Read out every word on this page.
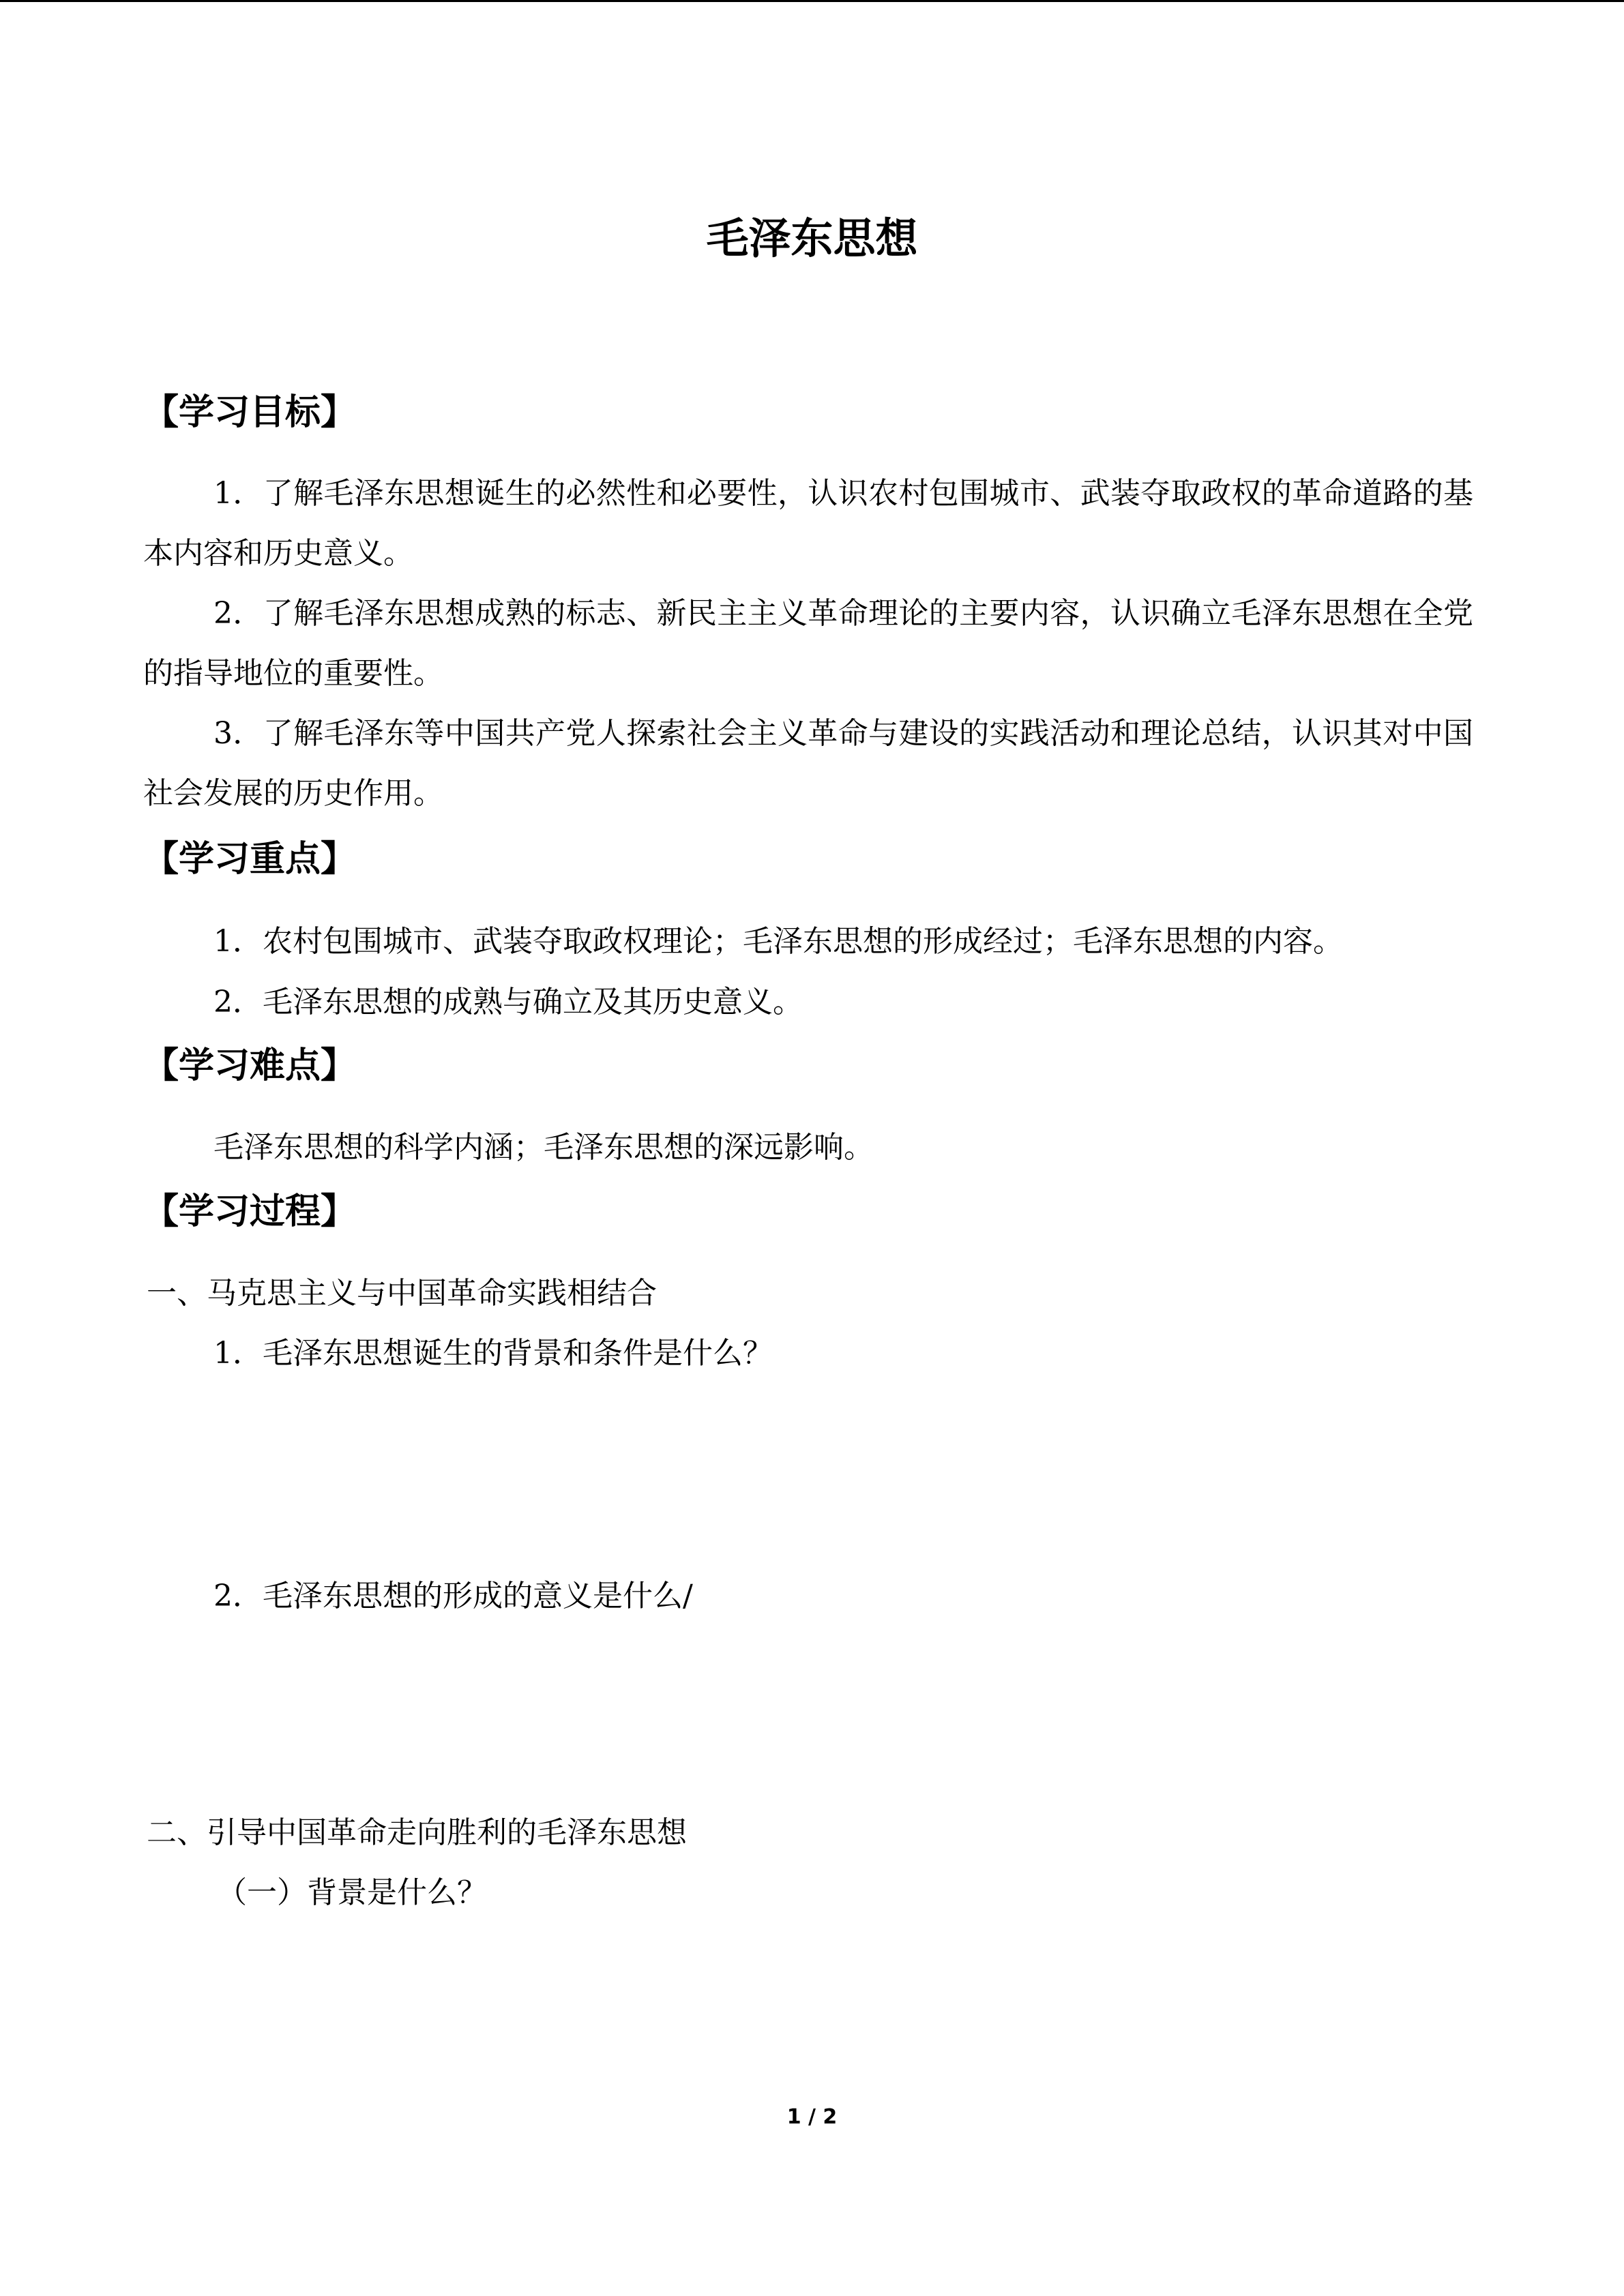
毛泽东思想
【学习目标】
1．了解毛泽东思想诞生的必然性和必要性，认识农村包围城市、武装夺取政权的革命道路的基本内容和历史意义。
2．了解毛泽东思想成熟的标志、新民主主义革命理论的主要内容，认识确立毛泽东思想在全党的指导地位的重要性。
3．了解毛泽东等中国共产党人探索社会主义革命与建设的实践活动和理论总结，认识其对中国社会发展的历史作用。
【学习重点】
1．农村包围城市、武装夺取政权理论；毛泽东思想的形成经过；毛泽东思想的内容。
2．毛泽东思想的成熟与确立及其历史意义。
【学习难点】
毛泽东思想的科学内涵；毛泽东思想的深远影响。
【学习过程】
一、马克思主义与中国革命实践相结合
1．毛泽东思想诞生的背景和条件是什么？
2．毛泽东思想的形成的意义是什么/
二、引导中国革命走向胜利的毛泽东思想
（一）背景是什么？
1 / 2
